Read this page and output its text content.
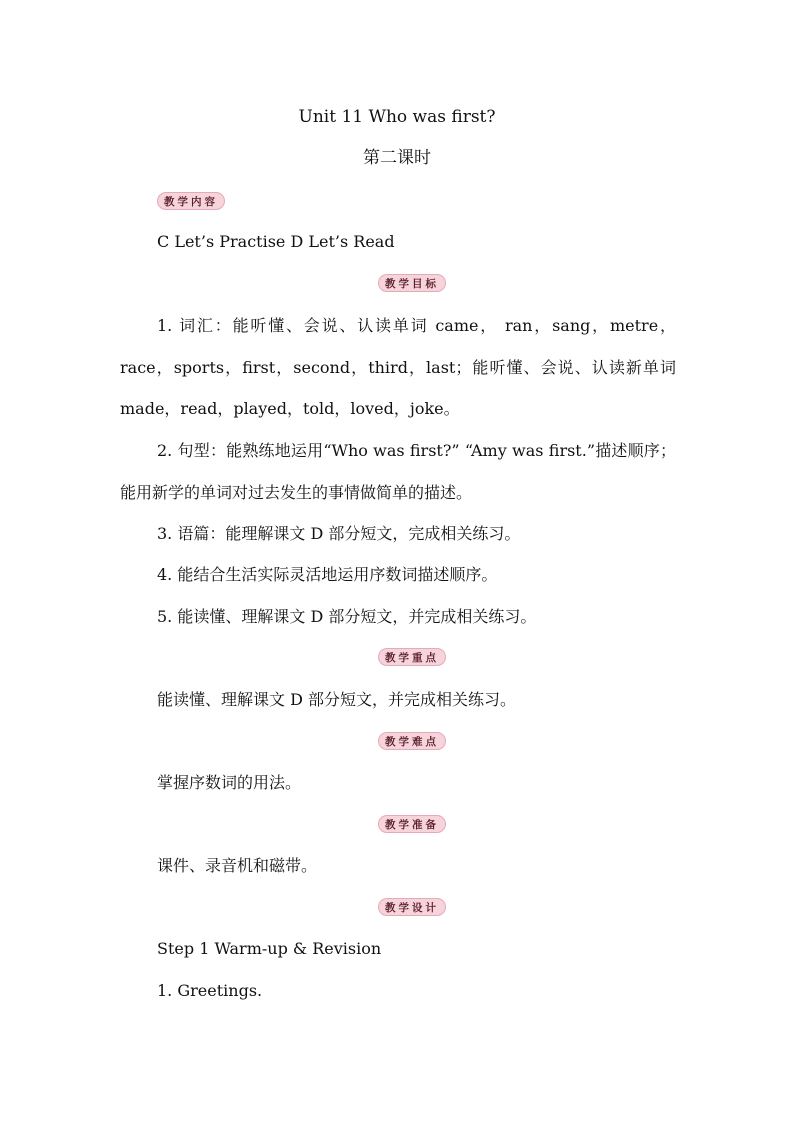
Unit 11 Who was first?
第二课时
教学内容
C Let’s Practise D Let’s Read
教学目标
1. 词汇：能听懂、会说、认读单词 came， ran，sang，metre，race，sports，first，second，third，last；能听懂、会说、认读新单词 made，read，played，told，loved，joke。
2. 句型：能熟练地运用“Who was first?” “Amy was first.”描述顺序；能用新学的单词对过去发生的事情做简单的描述。
3. 语篇：能理解课文 D 部分短文，完成相关练习。
4. 能结合生活实际灵活地运用序数词描述顺序。
5. 能读懂、理解课文 D 部分短文，并完成相关练习。
教学重点
能读懂、理解课文 D 部分短文，并完成相关练习。
教学难点
掌握序数词的用法。
教学准备
课件、录音机和磁带。
教学设计
Step 1 Warm-up & Revision
1. Greetings.
